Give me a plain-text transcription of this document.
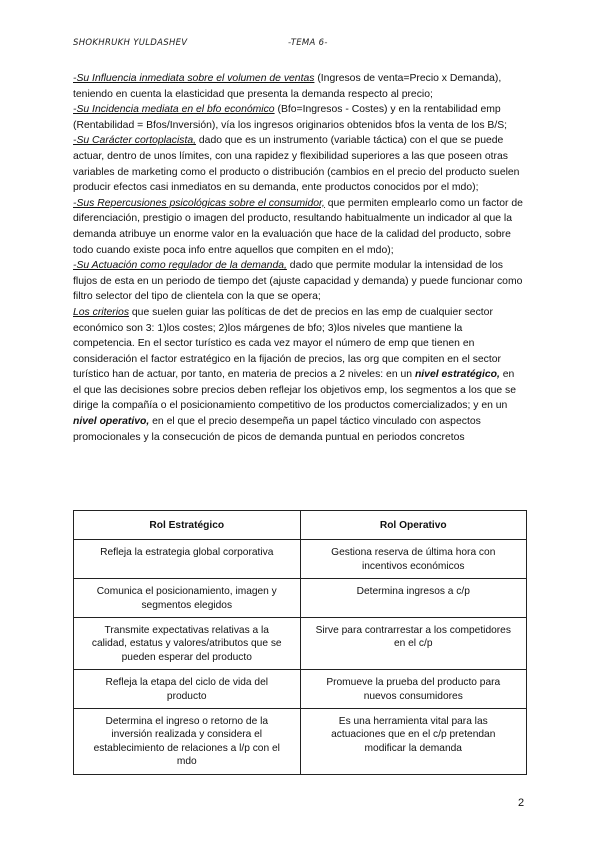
SHOKHRUKH YULDASHEV	-TEMA 6-

-Su Influencia inmediata sobre el volumen de ventas (Ingresos de venta=Precio x Demanda), teniendo en cuenta la elasticidad que presenta la demanda respecto al precio;

-Su Incidencia mediata en el bfo económico (Bfo=Ingresos - Costes) y en la rentabilidad emp (Rentabilidad = Bfos/Inversión), vía los ingresos originarios obtenidos bfos la venta de los B/S;

-Su Carácter cortoplacista, dado que es un instrumento (variable táctica) con el que se puede actuar, dentro de unos límites, con una rapidez y flexibilidad superiores a las que poseen otras variables de marketing como el producto o distribución (cambios en el precio del producto suelen producir efectos casi inmediatos en su demanda, ente productos conocidos por el mdo);

-Sus Repercusiones psicológicas sobre el consumidor, que permiten emplearlo como un factor de diferenciación, prestigio o imagen del producto, resultando habitualmente un indicador al que la demanda atribuye un enorme valor en la evaluación que hace de la calidad del producto, sobre todo cuando existe poca info entre aquellos que compiten en el mdo);

-Su Actuación como regulador de la demanda, dado que permite modular la intensidad de los flujos de esta en un periodo de tiempo det (ajuste capacidad y demanda) y puede funcionar como filtro selector del tipo de clientela con la que se opera;

Los criterios que suelen guiar las políticas de det de precios en las emp de cualquier sector económico son 3: 1)los costes; 2)los márgenes de bfo; 3)los niveles que mantiene la competencia. En el sector turístico es cada vez mayor el número de emp que tienen en consideración el factor estratégico en la fijación de precios, las org que compiten en el sector turístico han de actuar, por tanto, en materia de precios a 2 niveles: en un nivel estratégico, en el que las decisiones sobre precios deben reflejar los objetivos emp, los segmentos a los que se dirige la compañía o el posicionamiento competitivo de los productos comercializados; y en un nivel operativo, en el que el precio desempeña un papel táctico vinculado con aspectos promocionales y la consecución de picos de demanda puntual en periodos concretos

Rol Estratégico	Rol Operativo
Refleja la estrategia global corporativa	Gestiona reserva de última hora con incentivos económicos
Comunica el posicionamiento, imagen y segmentos elegidos	Determina ingresos a c/p
Transmite expectativas relativas a la calidad, estatus y valores/atributos que se pueden esperar del producto	Sirve para contrarrestar a los competidores en el c/p
Refleja la etapa del ciclo de vida del producto	Promueve la prueba del producto para nuevos consumidores
Determina el ingreso o retorno de la inversión realizada y considera el establecimiento de relaciones a l/p con el mdo	Es una herramienta vital para las actuaciones que en el c/p pretendan modificar la demanda
2
